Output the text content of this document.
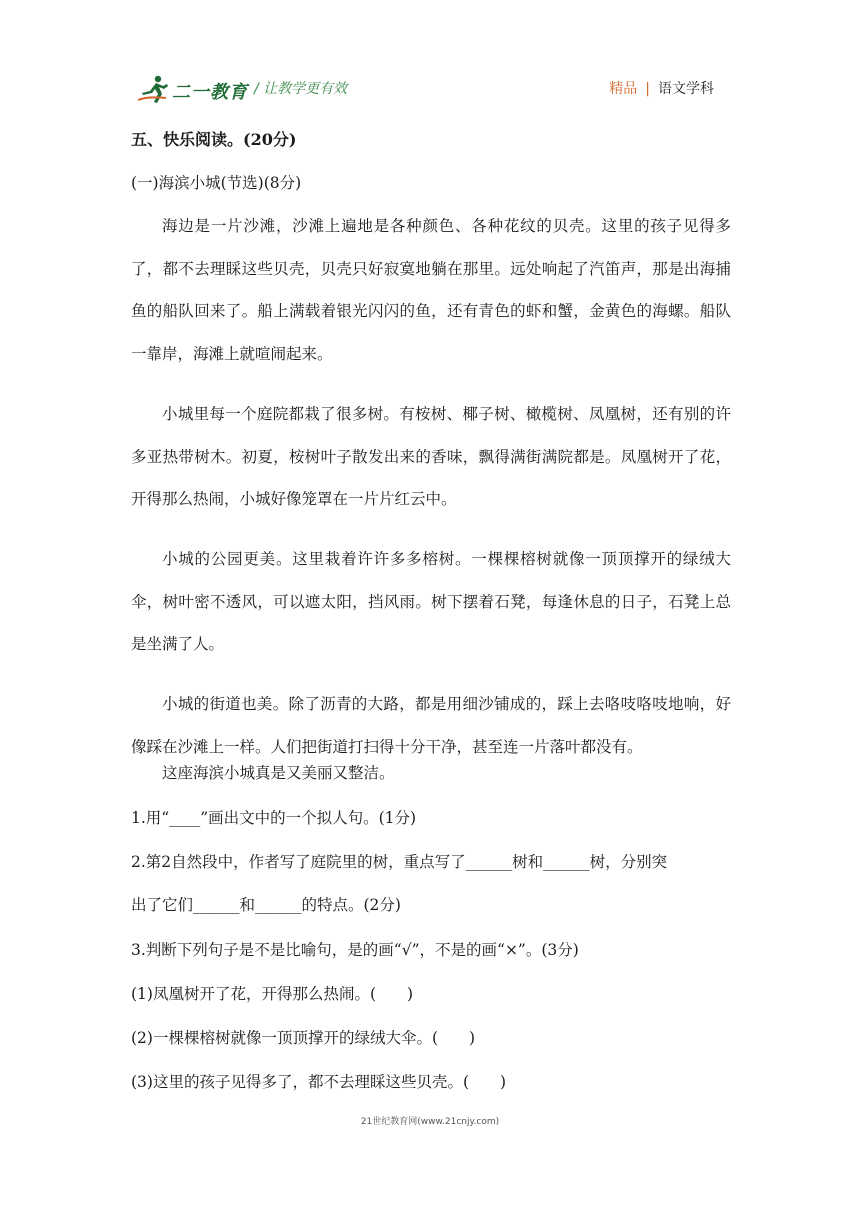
二一教育 / 让教学更有效	精品 | 语文学科
五、快乐阅读。(20分)
(一)海滨小城(节选)(8分)
海边是一片沙滩，沙滩上遍地是各种颜色、各种花纹的贝壳。这里的孩子见得多了，都不去理睬这些贝壳，贝壳只好寂寞地躺在那里。远处响起了汽笛声，那是出海捕鱼的船队回来了。船上满载着银光闪闪的鱼，还有青色的虾和蟹，金黄色的海螺。船队一靠岸，海滩上就喧闹起来。
小城里每一个庭院都栽了很多树。有桉树、椰子树、橄榄树、凤凰树，还有别的许多亚热带树木。初夏，桉树叶子散发出来的香味，飘得满街满院都是。凤凰树开了花，开得那么热闹，小城好像笼罩在一片片红云中。
小城的公园更美。这里栽着许许多多榕树。一棵棵榕树就像一顶顶撑开的绿绒大伞，树叶密不透风，可以遮太阳，挡风雨。树下摆着石凳，每逢休息的日子，石凳上总是坐满了人。
小城的街道也美。除了沥青的大路，都是用细沙铺成的，踩上去咯吱咯吱地响，好像踩在沙滩上一样。人们把街道打扫得十分干净，甚至连一片落叶都没有。
这座海滨小城真是又美丽又整洁。
1.用“____”画出文中的一个拟人句。(1分)
2.第2自然段中，作者写了庭院里的树，重点写了______树和______树，分别突
出了它们______和______的特点。(2分)
3.判断下列句子是不是比喻句，是的画“√”，不是的画“×”。(3分)
(1)凤凰树开了花，开得那么热闹。(　　)
(2)一棵棵榕树就像一顶顶撑开的绿绒大伞。(　　)
(3)这里的孩子见得多了，都不去理睬这些贝壳。(　　)
21世纪教育网(www.21cnjy.com)
